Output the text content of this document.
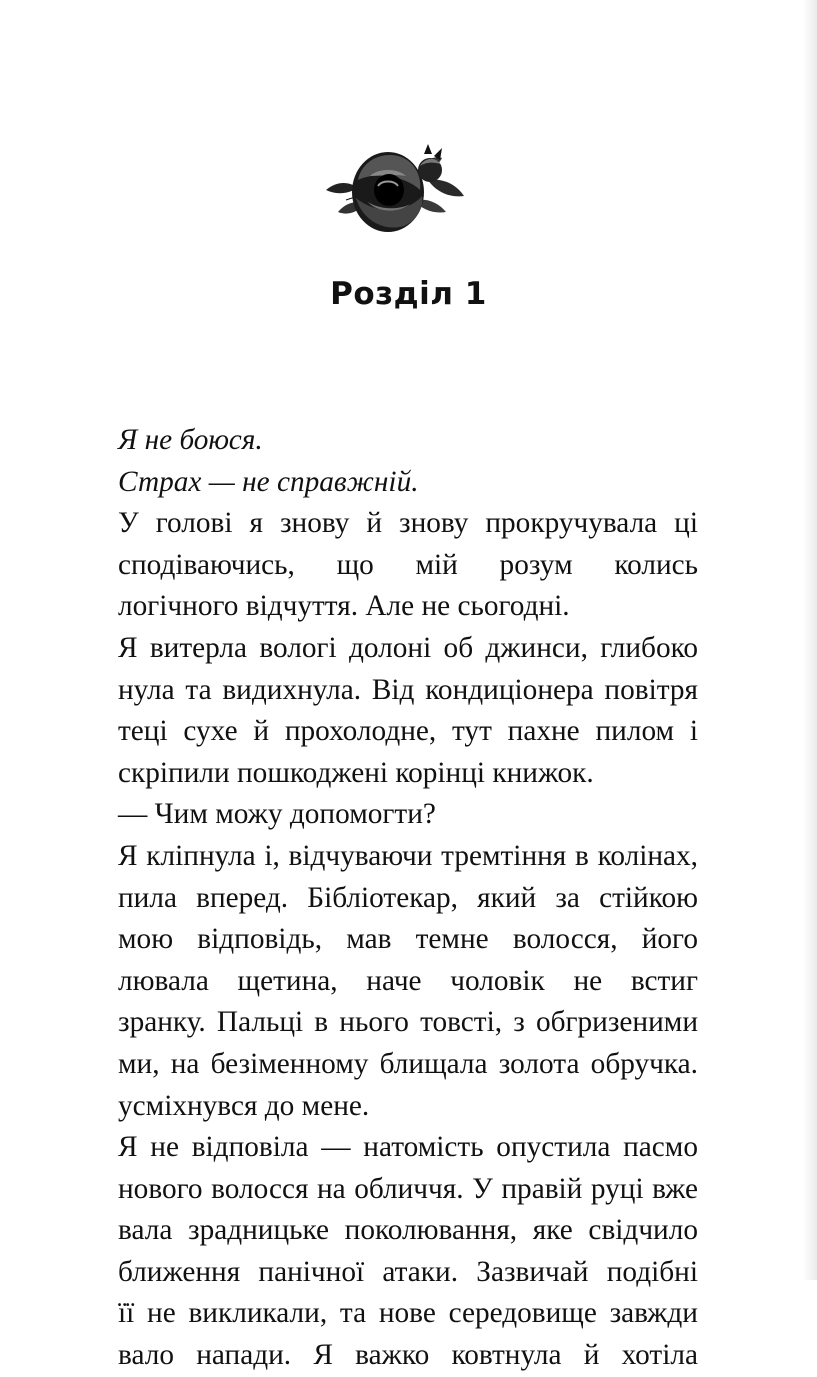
Розділ 1
Я не боюся.
Страх — не справжній.
У голові я знову й знову прокручувала ці
сподіваючись, що мій розум колись
логічного відчуття. Але не сьогодні.
Я витерла вологі долоні об джинси, глибоко
нула та видихнула. Від кондиціонера повітря
теці сухе й прохолодне, тут пахне пилом і
скріпили пошкоджені корінці книжок.
— Чим можу допомогти?
Я кліпнула і, відчуваючи тремтіння в колінах,
пила вперед. Бібліотекар, який за стійкою
мою відповідь, мав темне волосся, його
лювала щетина, наче чоловік не встиг
зранку. Пальці в нього товсті, з обгризеними
ми, на безіменному блищала золота обручка.
усміхнувся до мене.
Я не відповіла — натомість опустила пасмо
нового волосся на обличчя. У правій руці вже
вала зрадницьке поколювання, яке свідчило
ближення панічної атаки. Зазвичай подібні
її не викликали, та нове середовище завжди
вало напади. Я важко ковтнула й хотіла
